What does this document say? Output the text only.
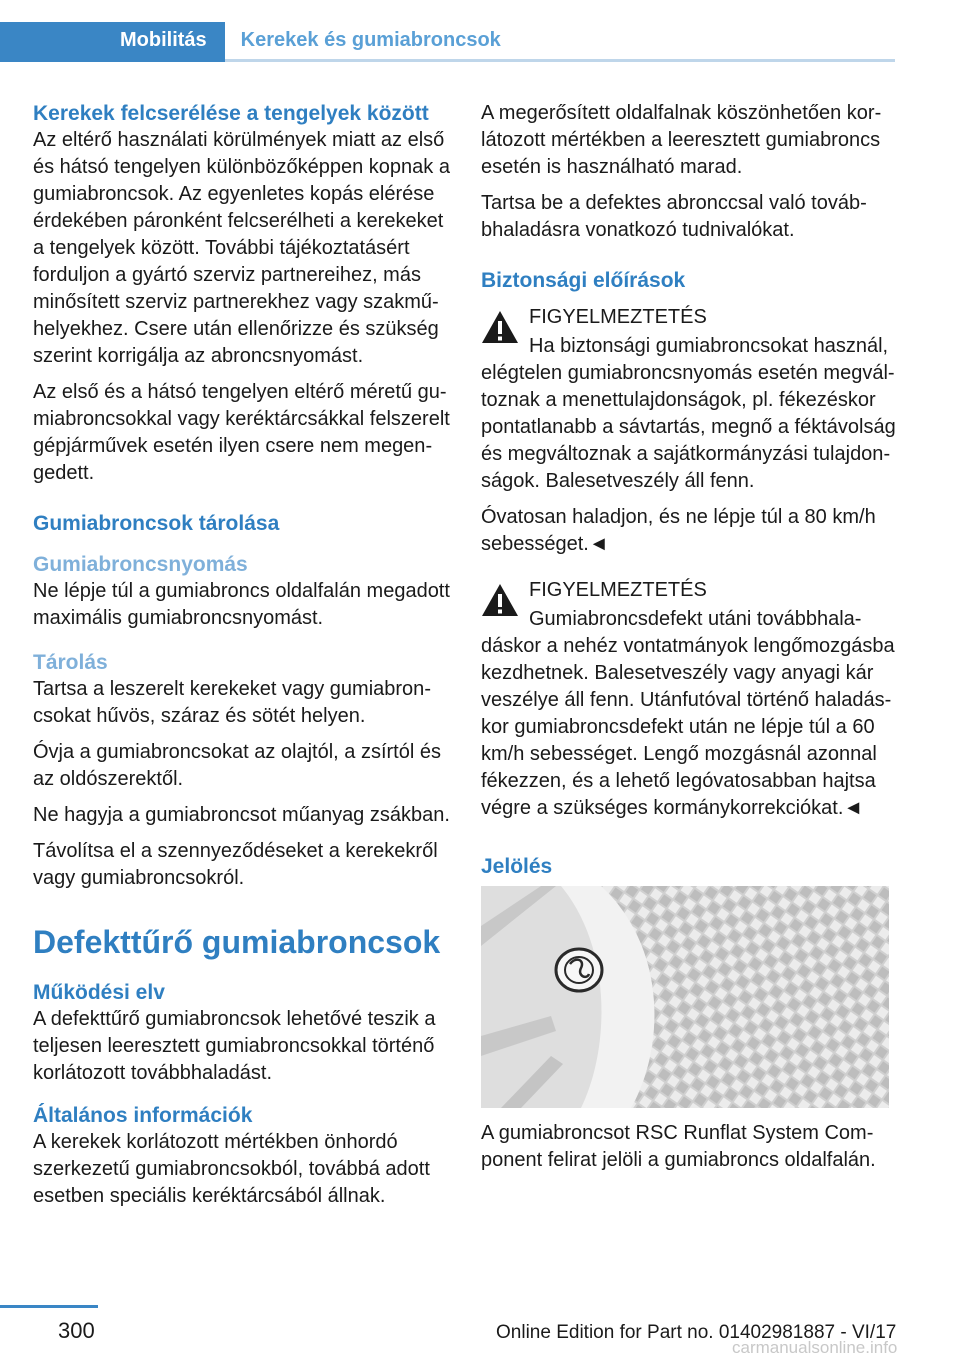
Mobilitás	Kerekek és gumiabroncsok
Kerekek felcserélése a tengelyek között

Az eltérő használati körülmények miatt az első és hátsó tengelyen különbözőképpen kopnak a gumiabroncsok. Az egyenletes kopás elérése érdekében páronként felcserélheti a kerekeket a tengelyek között. További tájékoztatásért forduljon a gyártó szerviz partnereihez, más minősített szerviz partnerekhez vagy szakműhelyekhez. Csere után ellenőrizze és szükség szerint korrigálja az abroncsnyomást.

Az első és a hátsó tengelyen eltérő méretű gumiabroncsokkal vagy keréktárcsákkal felszerelt gépjárművek esetén ilyen csere nem megengedett.

Gumiabroncsok tárolása
Gumiabroncsnyomás

Ne lépje túl a gumiabroncs oldalfalán megadott maximális gumiabroncsnyomást.

Tárolás

Tartsa a leszerelt kerekeket vagy gumiabroncsokat hűvös, száraz és sötét helyen.

Óvja a gumiabroncsokat az olajtól, a zsírtól és az oldószerektől.

Ne hagyja a gumiabroncsot műanyag zsákban.

Távolítsa el a szennyeződéseket a kerekekről vagy gumiabroncsokról.

Defekttűrő gumiabroncsok
Működési elv

A defekttűrő gumiabroncsok lehetővé teszik a teljesen leeresztett gumiabroncsokkal történő korlátozott továbbhaladást.

Általános információk

A kerekek korlátozott mértékben önhordó szerkezetű gumiabroncsokból, továbbá adott esetben speciális keréktárcsából állnak.

A megerősített oldalfalnak köszönhetően korlátozott mértékben a leeresztett gumiabroncs esetén is használható marad.

Tartsa be a defektes abronccsal való továbbhaladásra vonatkozó tudnivalókat.

Biztonsági előírások

FIGYELMEZTETÉS

Ha biztonsági gumiabroncsokat használ, elégtelen gumiabroncsnyomás esetén megváltoznak a menettulajdonságok, pl. fékezéskor pontatlanabb a sávtartás, megnő a féktávolság és megváltoznak a sajátkormányzási tulajdonságok. Balesetveszély áll fenn.

Óvatosan haladjon, és ne lépje túl a 80 km/h sebességet.◄

FIGYELMEZTETÉS

Gumiabroncsdefekt utáni továbbhaladáskor a nehéz vontatmányok lengőmozgásba kezdhetnek. Balesetveszély vagy anyagi kár veszélye áll fenn. Utánfutóval történő haladáskor gumiabroncsdefekt után ne lépje túl a 60 km/h sebességet. Lengő mozgásnál azonnal fékezzen, és a lehető legóvatosabban hajtsa végre a szükséges kormánykorrekciókat.◄

Jelölés

A gumiabroncsot RSC Runflat System Component felirat jelöli a gumiabroncs oldalfalán.

300	Online Edition for Part no. 01402981887 - VI/17
carmanualsonline.info
